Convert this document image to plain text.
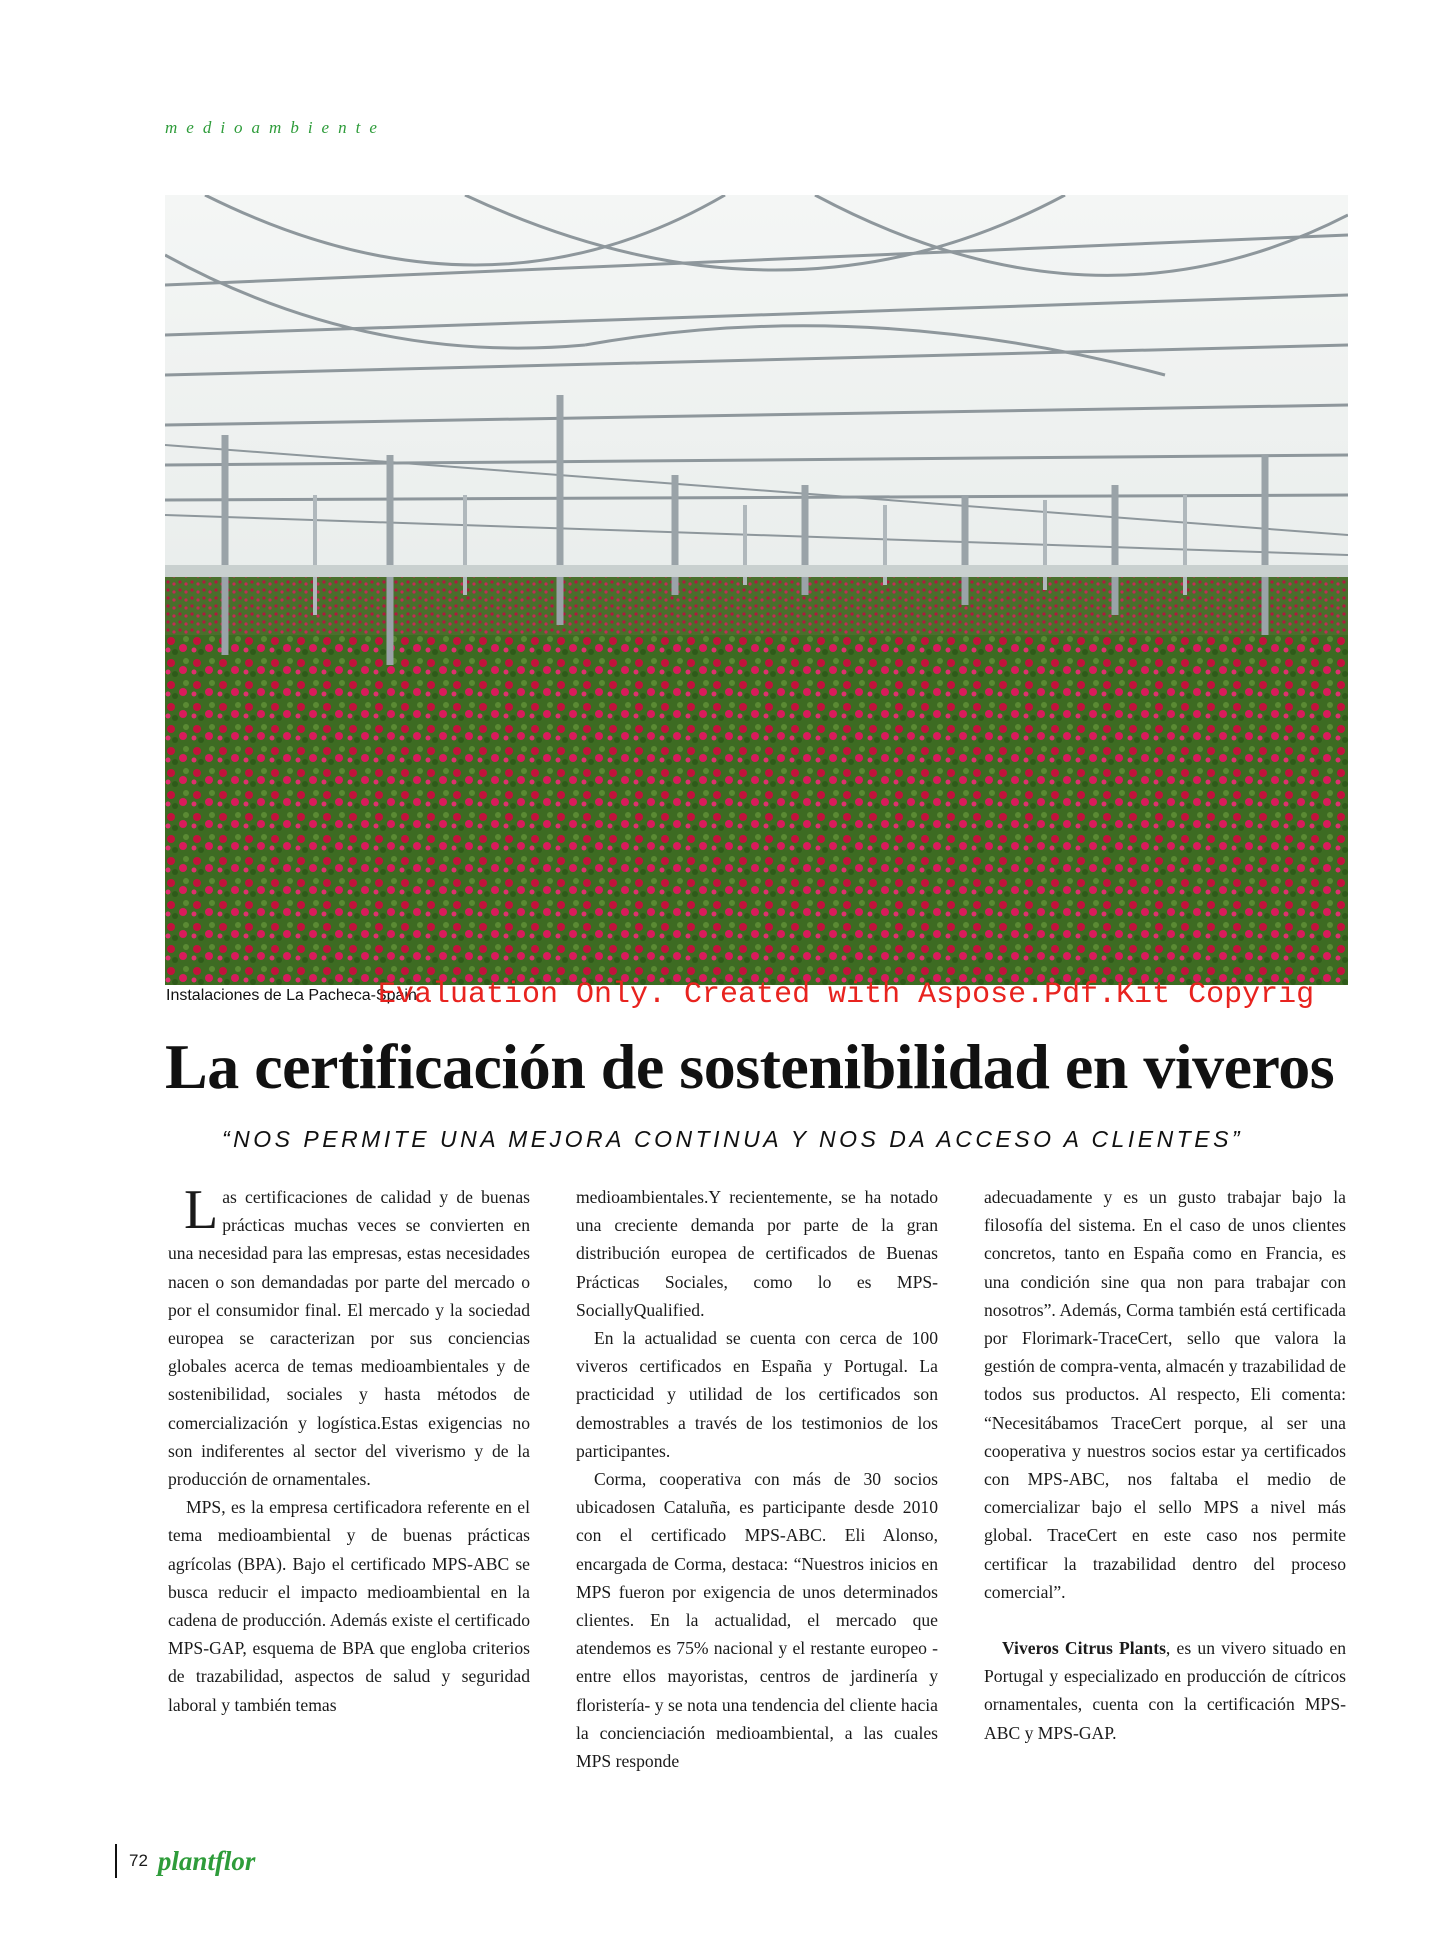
medioambiente
Instalaciones de La Pacheca-Spain
Evaluation Only. Created with Aspose.Pdf.Kit Copyrig
La certificación de sostenibilidad en viveros
“NOS PERMITE UNA MEJORA CONTINUA Y NOS DA ACCESO A CLIENTES”

Las certificaciones de calidad y de buenas prácticas muchas veces se convierten en una necesidad para las empresas, estas necesidades nacen o son demandadas por parte del mercado o por el consumidor final. El mercado y la sociedad europea se caracterizan por sus conciencias globales acerca de temas medioambientales y de sostenibilidad, sociales y hasta métodos de comercialización y logística.Estas exigencias no son indiferentes al sector del viverismo y de la producción de ornamentales.

MPS, es la empresa certificadora referente en el tema medioambiental y de buenas prácticas agrícolas (BPA). Bajo el certificado MPS-ABC se busca reducir el impacto medioambiental en la cadena de producción. Además existe el certificado MPS-GAP, esquema de BPA que engloba criterios de trazabilidad, aspectos de salud y seguridad laboral y también temas

medioambientales.Y recientemente, se ha notado una creciente demanda por parte de la gran distribución europea de certificados de Buenas Prácticas Sociales, como lo es MPS-SociallyQualified.

En la actualidad se cuenta con cerca de 100 viveros certificados en España y Portugal. La practicidad y utilidad de los certificados son demostrables a través de los testimonios de los participantes.

Corma, cooperativa con más de 30 socios ubicadosen Cataluña, es participante desde 2010 con el certificado MPS-ABC. Eli Alonso, encargada de Corma, destaca: “Nuestros inicios en MPS fueron por exigencia de unos determinados clientes. En la actualidad, el mercado que atendemos es 75% nacional y el restante europeo - entre ellos mayoristas, centros de jardinería y floristería- y se nota una tendencia del cliente hacia la concienciación medioambiental, a las cuales MPS responde

adecuadamente y es un gusto trabajar bajo la filosofía del sistema. En el caso de unos clientes concretos, tanto en España como en Francia, es una condición sine qua non para trabajar con nosotros”. Además, Corma también está certificada por Florimark-TraceCert, sello que valora la gestión de compra-venta, almacén y trazabilidad de todos sus productos. Al respecto, Eli comenta: “Necesitábamos TraceCert porque, al ser una cooperativa y nuestros socios estar ya certificados con MPS-ABC, nos faltaba el medio de comercializar bajo el sello MPS a nivel más global. TraceCert en este caso nos permite certificar la trazabilidad dentro del proceso comercial”.

Viveros Citrus Plants, es un vivero situado en Portugal y especializado en producción de cítricos ornamentales, cuenta con la certificación MPS-ABC y MPS-GAP.

72 plantflor
